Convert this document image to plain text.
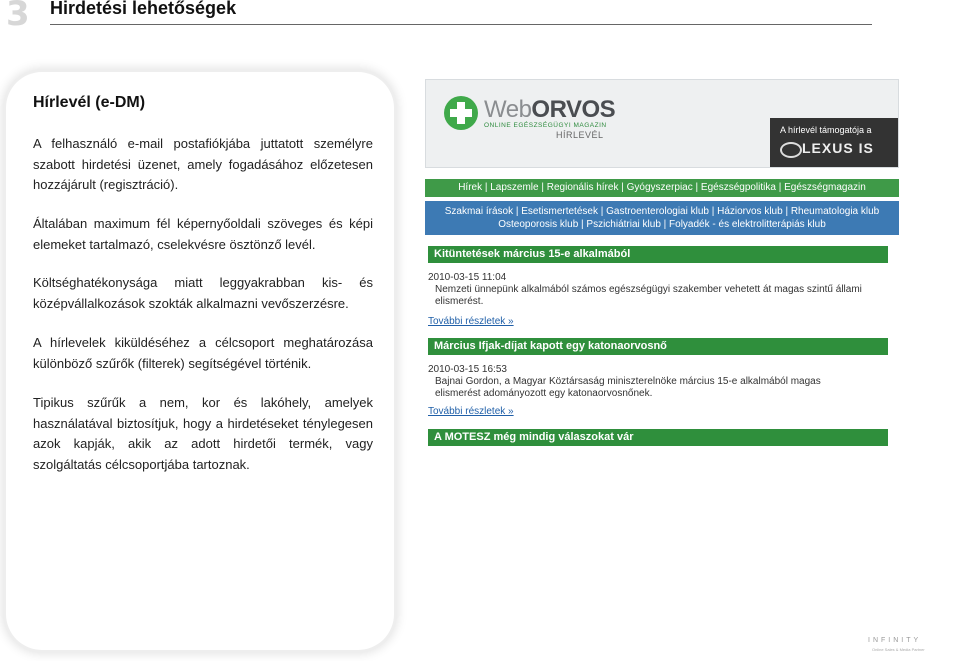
3 Hirdetési lehetőségek
Hírlevél (e-DM)

A felhasználó e-mail postafiókjába juttatott személyre szabott hirdetési üzenet, amely fogadásához előzetesen hozzájárult (regisztráció).

Általában maximum fél képernyőoldali szöveges és képi elemeket tartalmazó, cselekvésre ösztönző levél.

Költséghatékonysága miatt leggyakrabban kis- és középvállalkozások szokták alkalmazni vevőszerzésre.

A hírlevelek kiküldéséhez a célcsoport meghatározása különböző szűrők (filterek) segítségével történik.

Tipikus szűrűk a nem, kor és lakóhely, amelyek használatával biztosítjuk, hogy a hirdetéseket ténylegesen azok kapják, akik az adott hirdetői termék, vagy szolgáltatás célcsoportjába tartoznak.

WebORVOS
ONLINE EGÉSZSÉGÜGYI MAGAZIN
HÍRLEVÉL	A hírlevél támogatója a
LEXUS IS
Hírek | Lapszemle | Regionális hírek | Gyógyszerpiac | Egészségpolitika | Egészségmagazin
Szakmai írások | Esetismertetések | Gastroenterologiai klub | Háziorvos klub | Rheumatologia klub
Osteoporosis klub | Pszichiátriai klub | Folyadék - és elektrolitterápiás klub
Kitüntetések március 15-e alkalmából
2010-03-15 11:04
Nemzeti ünnepünk alkalmából számos egészségügyi szakember vehetett át magas szintű állami elismerést.
További részletek »
Március Ifjak-díjat kapott egy katonaorvosnő
2010-03-15 16:53
Bajnai Gordon, a Magyar Köztársaság miniszterelnöke március 15-e alkalmából magas elismerést adományozott egy katonaorvosnőnek.
További részletek »
A MOTESZ még mindig válaszokat vár
INFINITY
Online Sales & Media Partner
